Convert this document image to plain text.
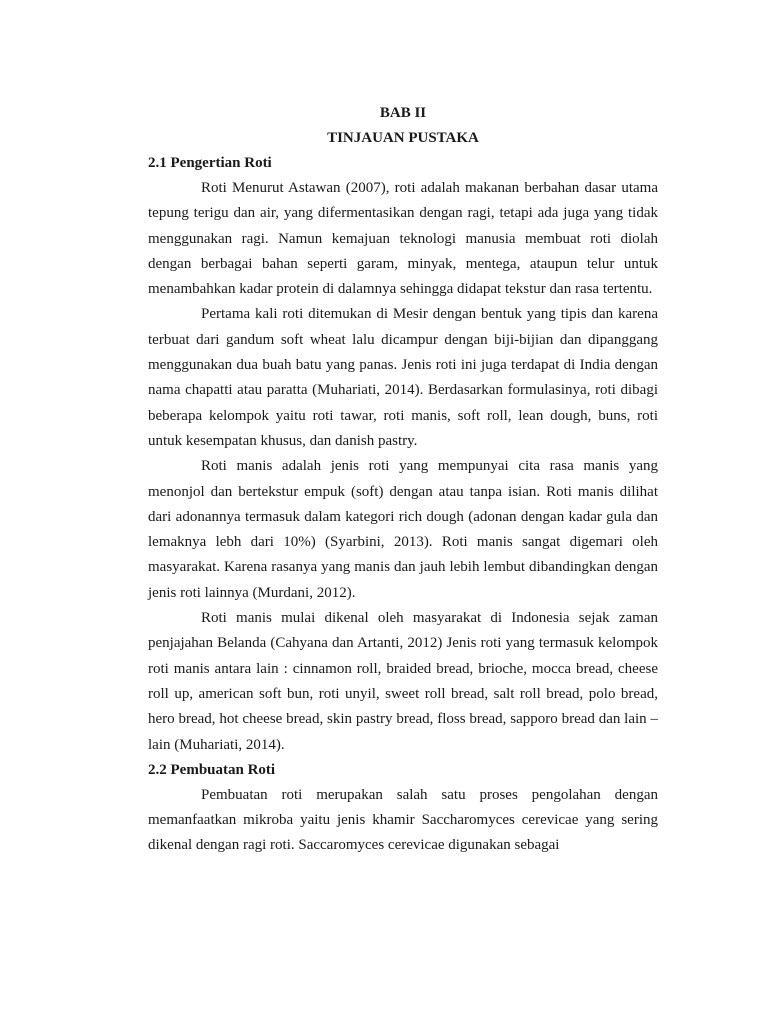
BAB II

TINJAUAN PUSTAKA

2.1 Pengertian Roti

Roti Menurut Astawan (2007), roti adalah makanan berbahan dasar utama tepung terigu dan air, yang difermentasikan dengan ragi, tetapi ada juga yang tidak menggunakan ragi. Namun kemajuan teknologi manusia membuat roti diolah dengan berbagai bahan seperti garam, minyak, mentega, ataupun telur untuk menambahkan kadar protein di dalamnya sehingga didapat tekstur dan rasa tertentu.

Pertama kali roti ditemukan di Mesir dengan bentuk yang tipis dan karena terbuat dari gandum soft wheat lalu dicampur dengan biji-bijian dan dipanggang menggunakan dua buah batu yang panas. Jenis roti ini juga terdapat di India dengan nama chapatti atau paratta (Muhariati, 2014). Berdasarkan formulasinya, roti dibagi beberapa kelompok yaitu roti tawar, roti manis, soft roll, lean dough, buns, roti untuk kesempatan khusus, dan danish pastry.

Roti manis adalah jenis roti yang mempunyai cita rasa manis yang menonjol dan bertekstur empuk (soft) dengan atau tanpa isian. Roti manis dilihat dari adonannya termasuk dalam kategori rich dough (adonan dengan kadar gula dan lemaknya lebh dari 10%) (Syarbini, 2013). Roti manis sangat digemari oleh masyarakat. Karena rasanya yang manis dan jauh lebih lembut dibandingkan dengan jenis roti lainnya (Murdani, 2012).

Roti manis mulai dikenal oleh masyarakat di Indonesia sejak zaman penjajahan Belanda (Cahyana dan Artanti, 2012) Jenis roti yang termasuk kelompok roti manis antara lain : cinnamon roll, braided bread, brioche, mocca bread, cheese roll up, american soft bun, roti unyil, sweet roll bread, salt roll bread, polo bread, hero bread, hot cheese bread, skin pastry bread, floss bread, sapporo bread dan lain – lain (Muhariati, 2014).

2.2 Pembuatan Roti

Pembuatan roti merupakan salah satu proses pengolahan dengan memanfaatkan mikroba yaitu jenis khamir Saccharomyces cerevicae yang sering dikenal dengan ragi roti. Saccaromyces cerevicae digunakan sebagai
